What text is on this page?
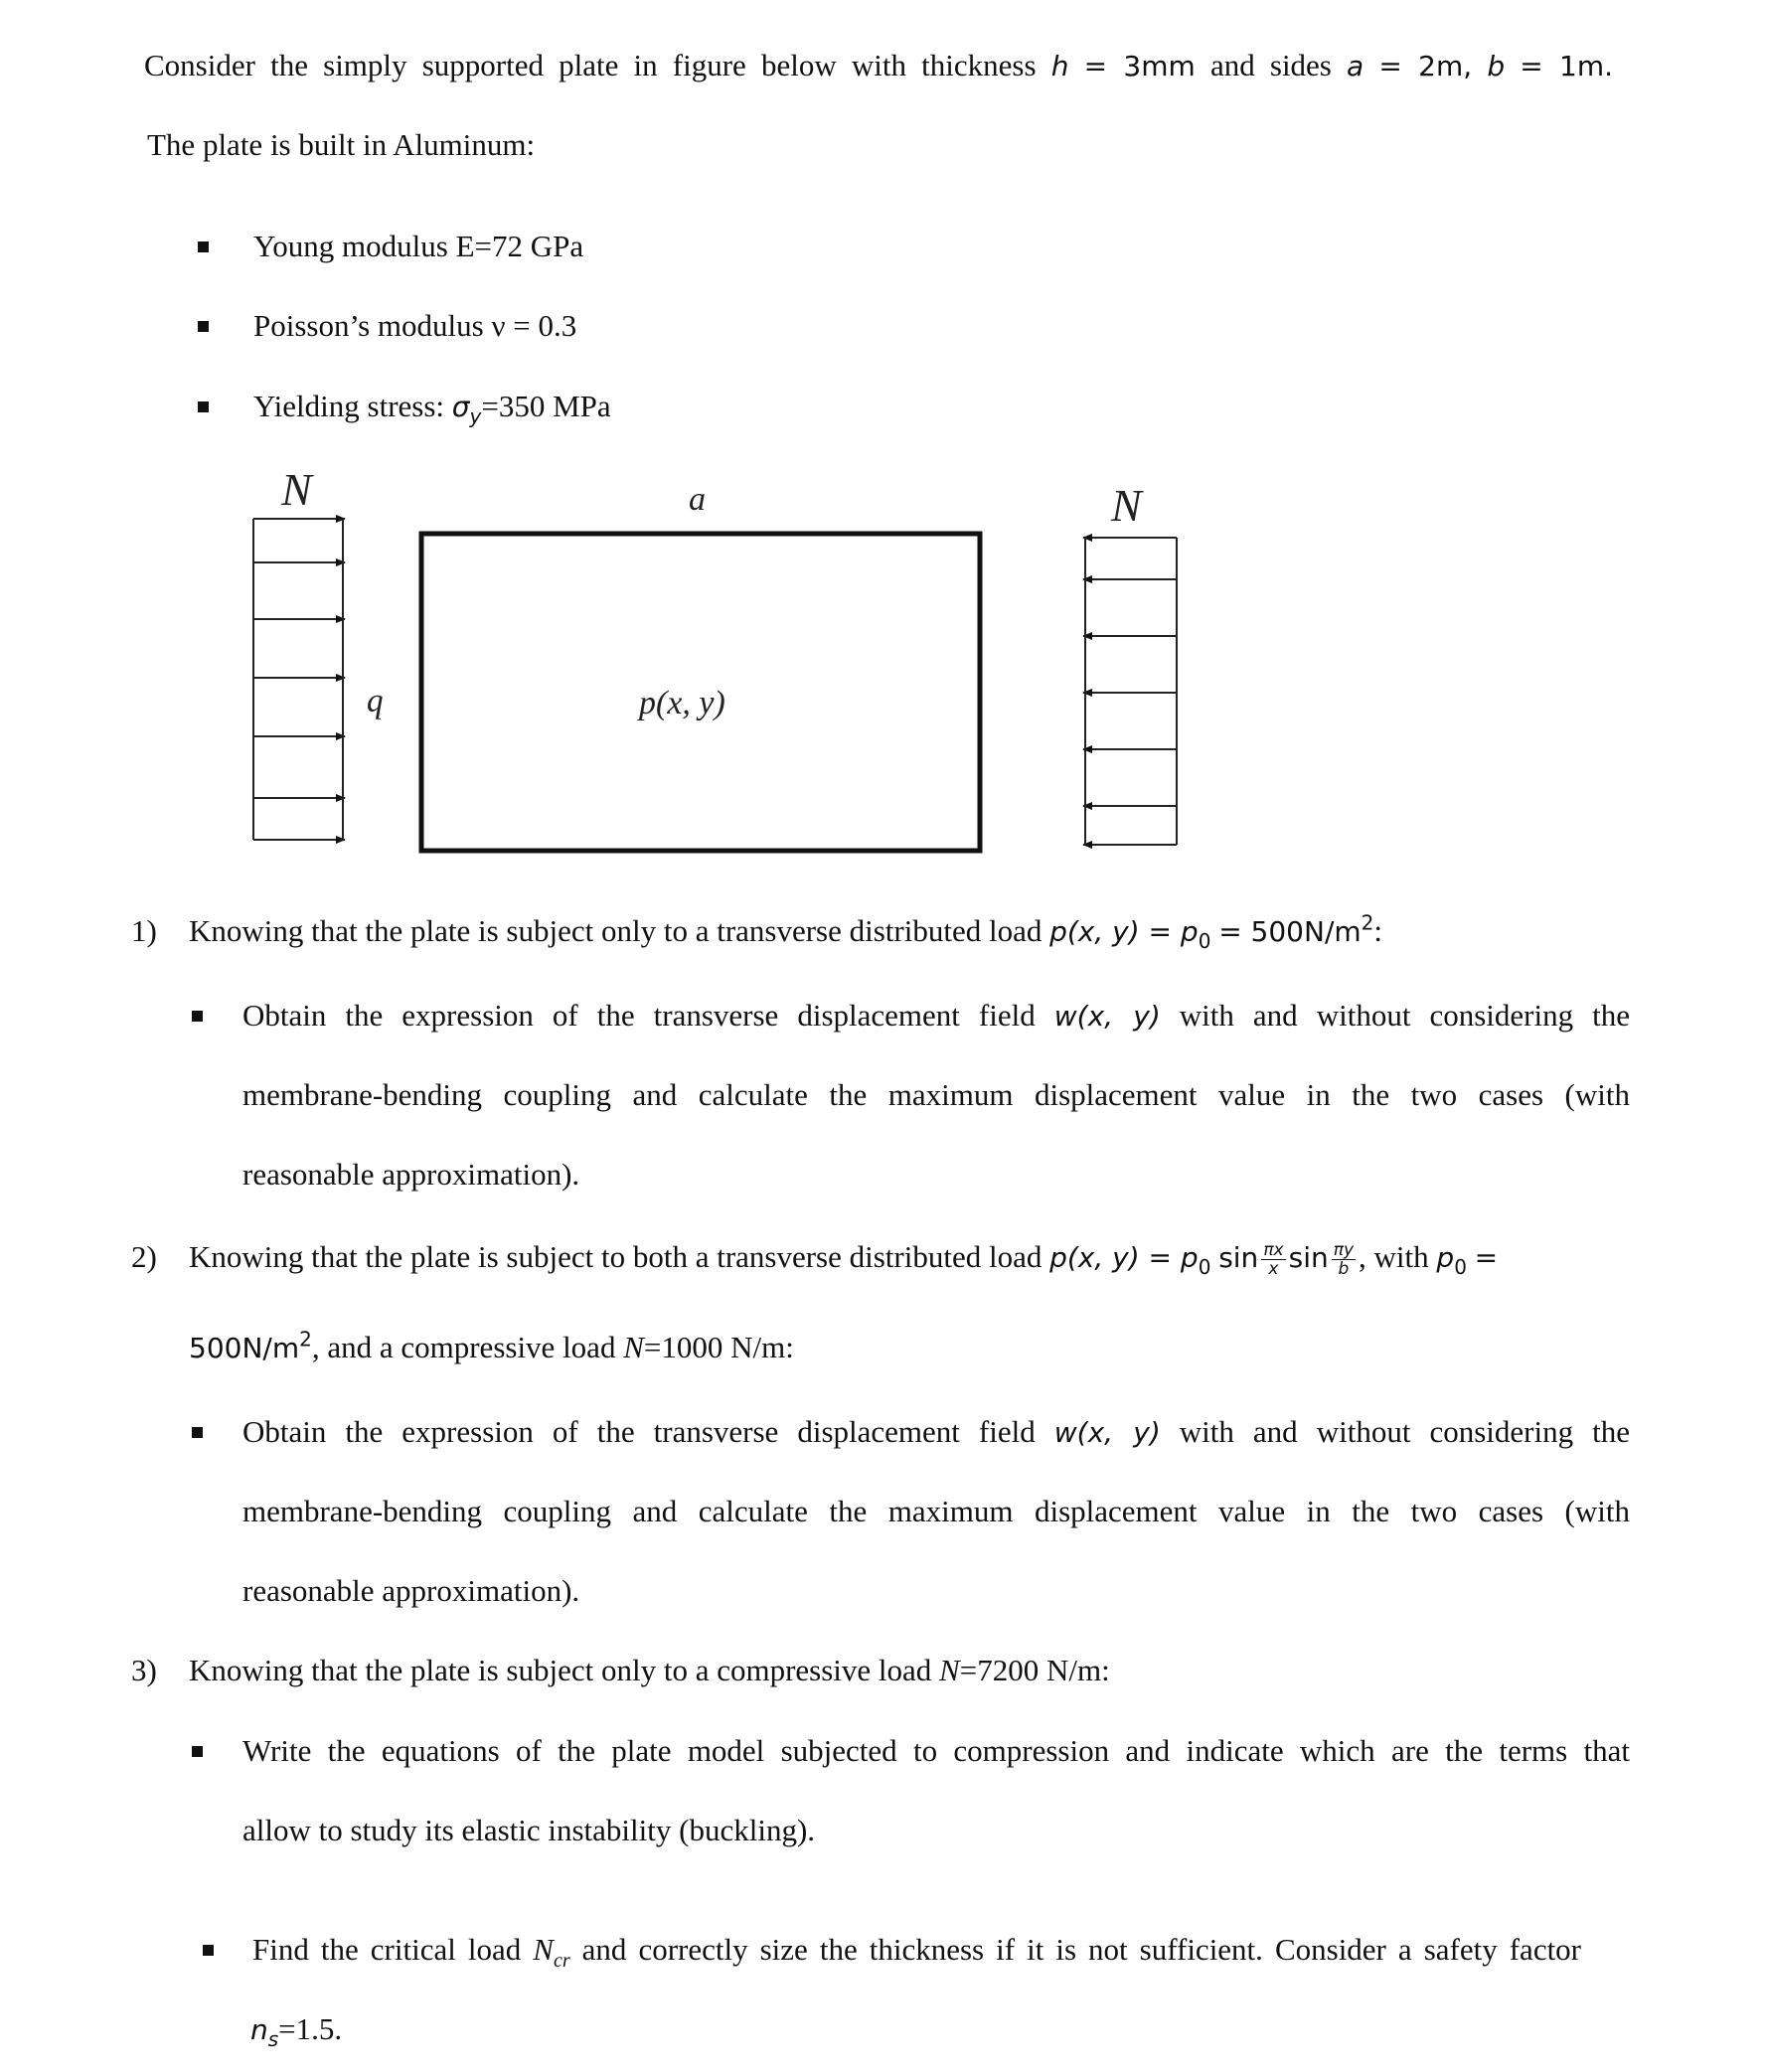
Consider the simply supported plate in figure below with thickness h = 3mm and sides a = 2m, b = 1m.
The plate is built in Aluminum:
Young modulus E=72 GPa
Poisson’s modulus ν = 0.3
Yielding stress: $\sigma_y=350$ MPa
N	a
b	p(x, y)
N
1) Knowing that the plate is subject only to a transverse distributed load p(x, $y) = p_0 = 500N/m^2$:
Obtain the expression of the transverse displacement field w(x, y) with and without considering the
membrane-bending coupling and calculate the maximum displacement value in the two cases (with
reasonable approximation).
2) Knowing that the plate is subject to both a transverse distributed load p(x, $y) = p_0$ $\sin \frac{\pi x}{x}$ $\sin \frac{\pi y}{b}$ , with $p_0$ =
$500N/m^2$, and a compressive load N=1000 N/m:
Obtain the expression of the transverse displacement field w(x, y) with and without considering the
membrane-bending coupling and calculate the maximum displacement value in the two cases (with
reasonable approximation).
3) Knowing that the plate is subject only to a compressive load N=7200 N/m:
Write the equations of the plate model subjected to compression and indicate which are the terms that
allow to study its elastic instability (buckling).
Find the critical load $N_{cr}$ and correctly size the thickness if it is not sufficient. Consider a safety factor
$n_s=1.5$.
